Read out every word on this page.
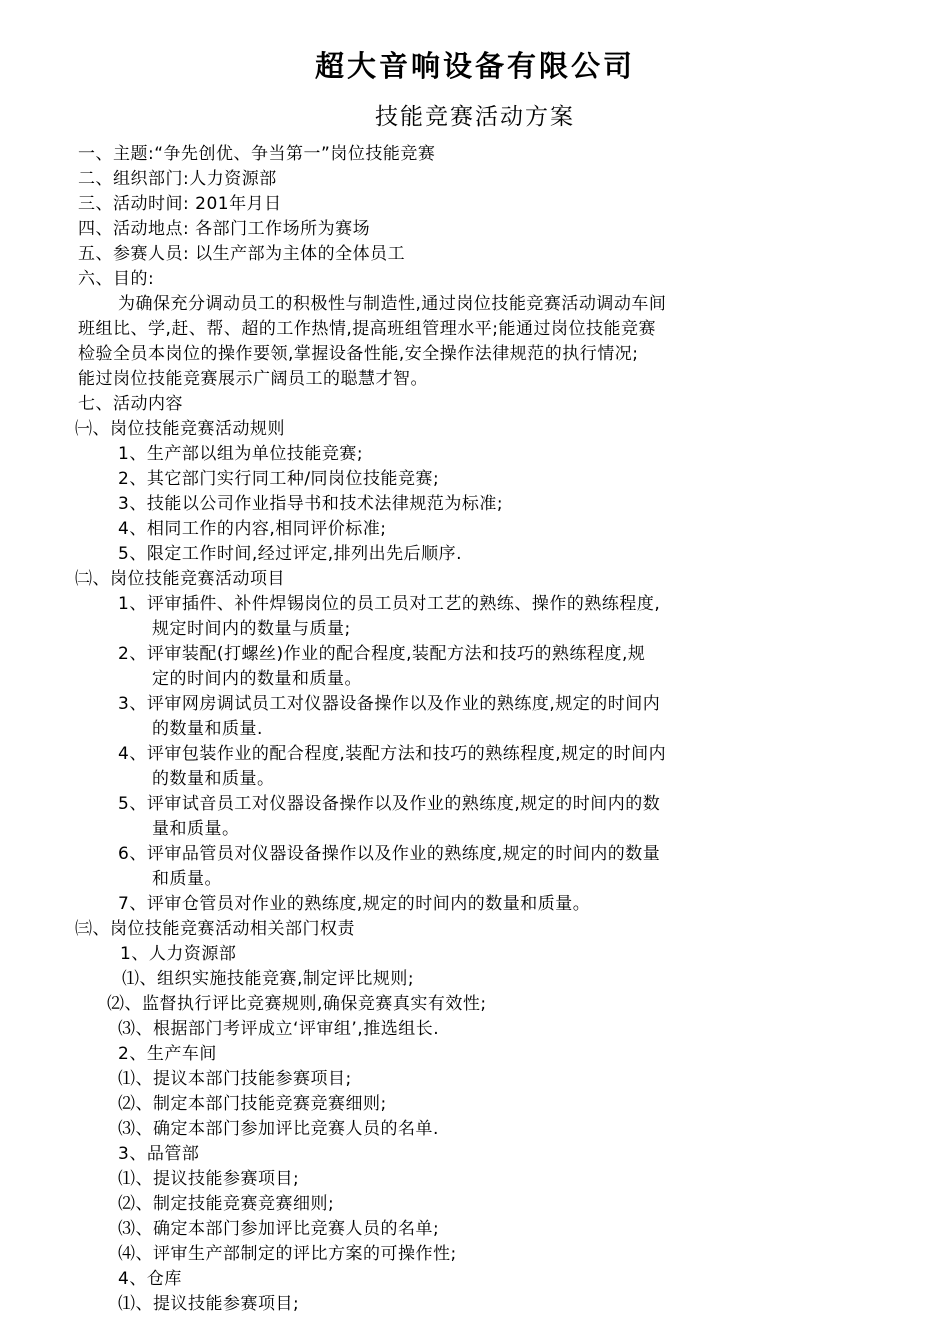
超大音响设备有限公司
技能竞赛活动方案
一、主题:“争先创优、争当第一”岗位技能竞赛
二、组织部门:人力资源部
三、活动时间: 201年月日
四、活动地点: 各部门工作场所为赛场
五、参赛人员: 以生产部为主体的全体员工
六、目的:
为确保充分调动员工的积极性与制造性,通过岗位技能竞赛活动调动车间
班组比、学,赶、帮、超的工作热情,提高班组管理水平;能通过岗位技能竞赛
检验全员本岗位的操作要领,掌握设备性能,安全操作法律规范的执行情况;
能过岗位技能竞赛展示广阔员工的聪慧才智。
七、活动内容
㈠、岗位技能竞赛活动规则
1、生产部以组为单位技能竞赛;
2、其它部门实行同工种/同岗位技能竞赛;
3、技能以公司作业指导书和技术法律规范为标准;
4、相同工作的内容,相同评价标准;
5、限定工作时间,经过评定,排列出先后顺序.
㈡、岗位技能竞赛活动项目
1、评审插件、补件焊锡岗位的员工员对工艺的熟练、操作的熟练程度,
规定时间内的数量与质量;
2、评审装配(打螺丝)作业的配合程度,装配方法和技巧的熟练程度,规
定的时间内的数量和质量。
3、评审网房调试员工对仪器设备操作以及作业的熟练度,规定的时间内
的数量和质量.
4、评审包装作业的配合程度,装配方法和技巧的熟练程度,规定的时间内
的数量和质量。
5、评审试音员工对仪器设备操作以及作业的熟练度,规定的时间内的数
量和质量。
6、评审品管员对仪器设备操作以及作业的熟练度,规定的时间内的数量
和质量。
7、评审仓管员对作业的熟练度,规定的时间内的数量和质量。
㈢、岗位技能竞赛活动相关部门权责
1、人力资源部
⑴、组织实施技能竞赛,制定评比规则;
⑵、监督执行评比竞赛规则,确保竞赛真实有效性;
⑶、根据部门考评成立‘评审组’,推选组长.
2、生产车间
⑴、提议本部门技能参赛项目;
⑵、制定本部门技能竞赛竞赛细则;
⑶、确定本部门参加评比竞赛人员的名单.
3、品管部
⑴、提议技能参赛项目;
⑵、制定技能竞赛竞赛细则;
⑶、确定本部门参加评比竞赛人员的名单;
⑷、评审生产部制定的评比方案的可操作性;
4、仓库
⑴、提议技能参赛项目;
